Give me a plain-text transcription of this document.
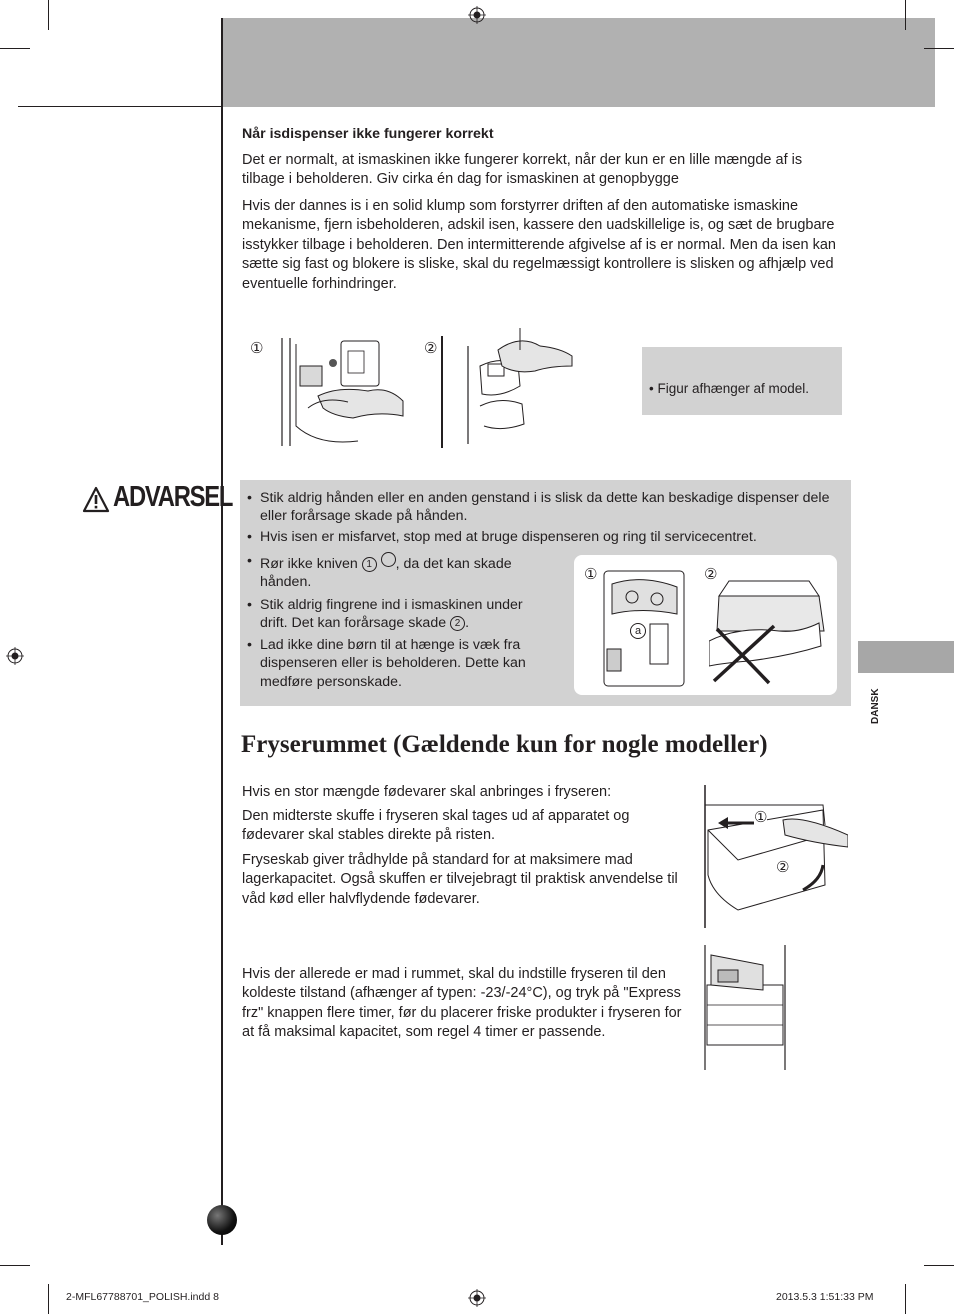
Når isdispenser ikke fungerer korrekt

Det er normalt, at ismaskinen ikke fungerer korrekt, når der kun er en lille mængde af is tilbage i beholderen. Giv cirka én dag for ismaskinen at genopbygge

Hvis der dannes is i en solid klump som forstyrrer driften af den automatiske ismaskine mekanisme, fjern isbeholderen, adskil isen, kassere den uadskillelige is, og sæt de brugbare isstykker tilbage i beholderen. Den intermitterende afgivelse af is er normal. Men da isen kan sætte sig fast og blokere is sliske, skal du regelmæssigt kontrollere is slisken og afhjælp ved eventuelle forhindringer.

①	②
• Figur afhænger af model.
ADVARSEL
•	Stik aldrig hånden eller en anden genstand i is slisk da dette kan beskadige dispenser dele eller forårsage skade på hånden.
• Hvis isen er misfarvet, stop med at bruge dispenseren og ring til servicecentret.
• Rør ikke kniven 1 , da det kan skade hånden.
• Stik aldrig fingrene ind i ismaskinen under drift. Det kan forårsage skade 2 .
• Lad ikke dine børn til at hænge is væk fra dispenseren eller is beholderen. Dette kan medføre personskade.
①	②
a
Fryserummet (Gældende kun for nogle modeller)

Hvis en stor mængde fødevarer skal anbringes i fryseren:

Den midterste skuffe i fryseren skal tages ud af apparatet og fødevarer skal stables direkte på risten.

Fryseskab giver trådhylde på standard for at maksimere mad lagerkapacitet. Også skuffen er tilvejebragt til praktisk anvendelse til våd kød eller halvflydende fødevarer.

Hvis der allerede er mad i rummet, skal du indstille fryseren til den koldeste tilstand (afhænger af typen: -23/-24°C), og tryk på "Express frz" knappen flere timer, før du placerer friske produkter i fryseren for at få maksimal kapacitet, som regel 4 timer er passende.

①
②
DANSK
2-MFL67788701_POLISH.indd 8	2013.5.3 1:51:33 PM
